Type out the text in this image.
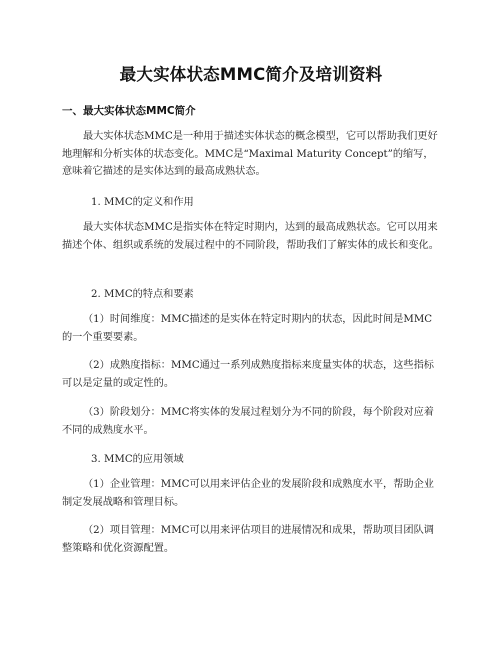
最大实体状态MMC简介及培训资料
一、最大实体状态MMC简介

最大实体状态MMC是一种用于描述实体状态的概念模型，它可以帮助我们更好地理解和分析实体的状态变化。MMC是“Maximal Maturity Concept”的缩写，意味着它描述的是实体达到的最高成熟状态。

1. MMC的定义和作用

最大实体状态MMC是指实体在特定时期内，达到的最高成熟状态。它可以用来描述个体、组织或系统的发展过程中的不同阶段，帮助我们了解实体的成长和变化。

2. MMC的特点和要素

（1）时间维度：MMC描述的是实体在特定时期内的状态，因此时间是MMC的一个重要要素。

（2）成熟度指标：MMC通过一系列成熟度指标来度量实体的状态，这些指标可以是定量的或定性的。

（3）阶段划分：MMC将实体的发展过程划分为不同的阶段，每个阶段对应着不同的成熟度水平。

3. MMC的应用领域

（1）企业管理：MMC可以用来评估企业的发展阶段和成熟度水平，帮助企业制定发展战略和管理目标。

（2）项目管理：MMC可以用来评估项目的进展情况和成果，帮助项目团队调整策略和优化资源配置。
